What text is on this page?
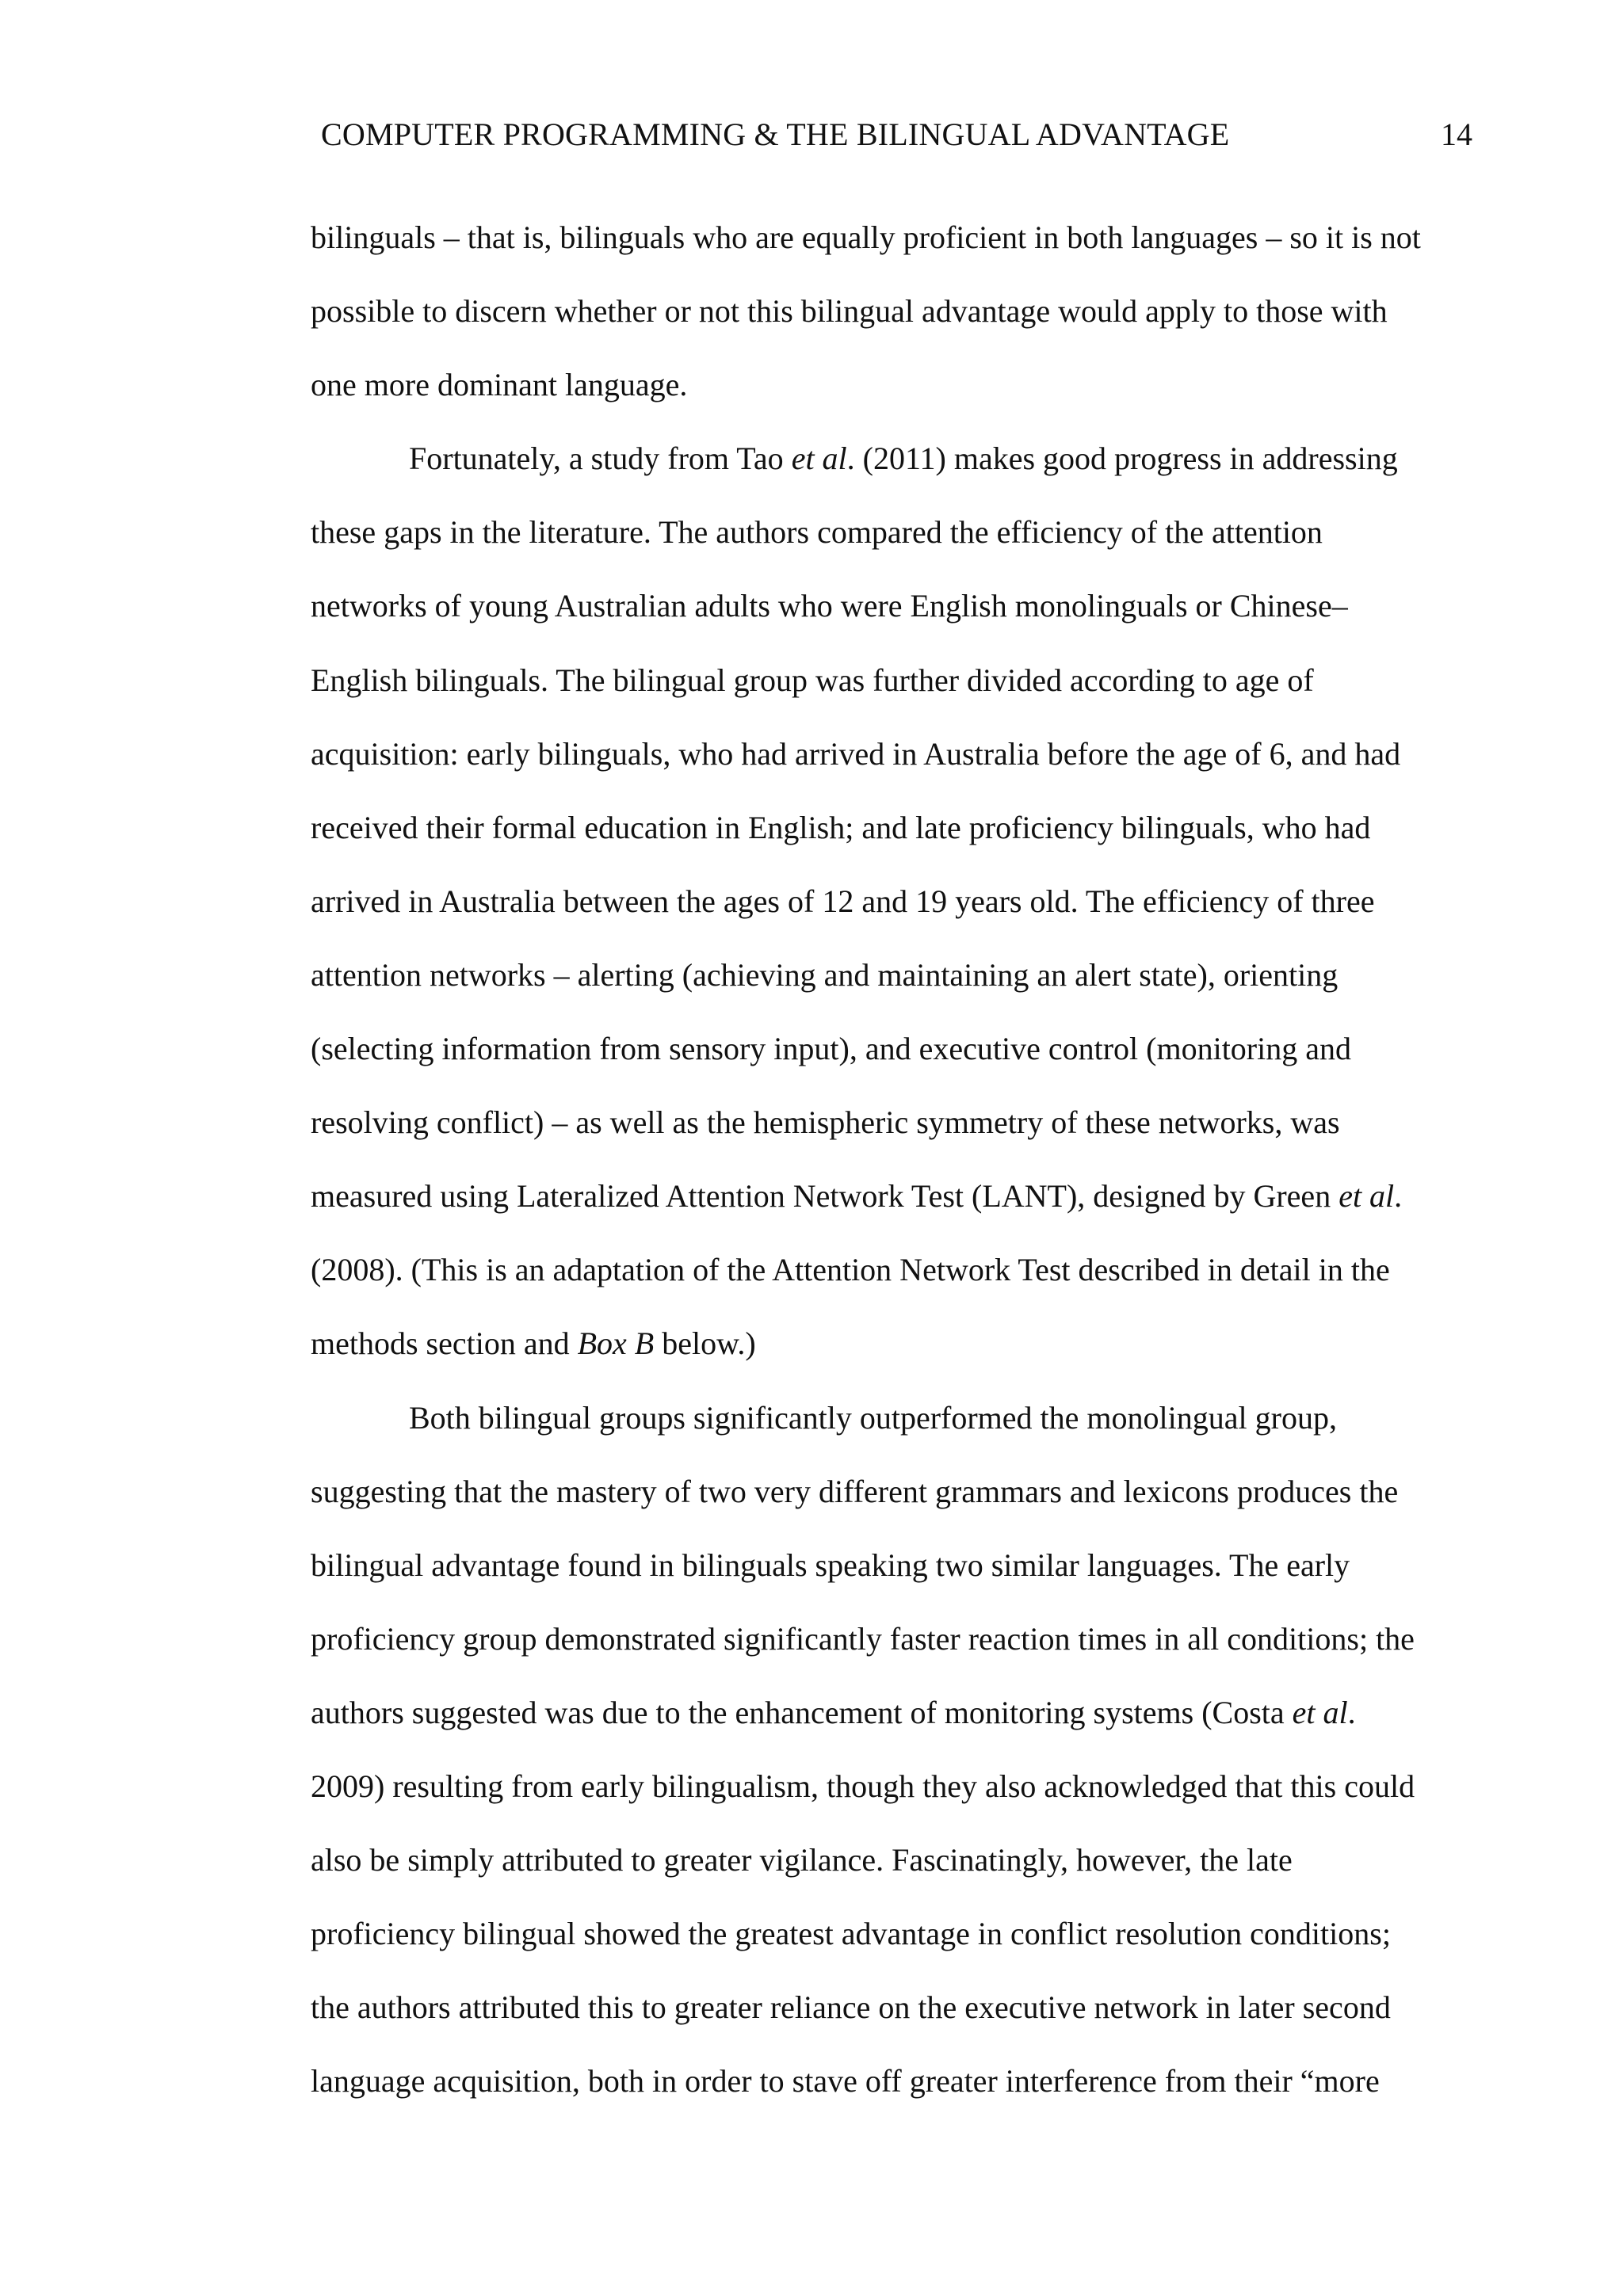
COMPUTER PROGRAMMING & THE BILINGUAL ADVANTAGE	14
bilinguals – that is, bilinguals who are equally proficient in both languages – so it is not
possible to discern whether or not this bilingual advantage would apply to those with
one more dominant language.
Fortunately, a study from Tao et al. (2011) makes good progress in addressing
these gaps in the literature. The authors compared the efficiency of the attention
networks of young Australian adults who were English monolinguals or Chinese–
English bilinguals. The bilingual group was further divided according to age of
acquisition: early bilinguals, who had arrived in Australia before the age of 6, and had
received their formal education in English; and late proficiency bilinguals, who had
arrived in Australia between the ages of 12 and 19 years old. The efficiency of three
attention networks – alerting (achieving and maintaining an alert state), orienting
(selecting information from sensory input), and executive control (monitoring and
resolving conflict) – as well as the hemispheric symmetry of these networks, was
measured using Lateralized Attention Network Test (LANT), designed by Green et al.
(2008). (This is an adaptation of the Attention Network Test described in detail in the
methods section and Box B below.)
Both bilingual groups significantly outperformed the monolingual group,
suggesting that the mastery of two very different grammars and lexicons produces the
bilingual advantage found in bilinguals speaking two similar languages. The early
proficiency group demonstrated significantly faster reaction times in all conditions; the
authors suggested was due to the enhancement of monitoring systems (Costa et al.
2009) resulting from early bilingualism, though they also acknowledged that this could
also be simply attributed to greater vigilance. Fascinatingly, however, the late
proficiency bilingual showed the greatest advantage in conflict resolution conditions;
the authors attributed this to greater reliance on the executive network in later second
language acquisition, both in order to stave off greater interference from their “more
